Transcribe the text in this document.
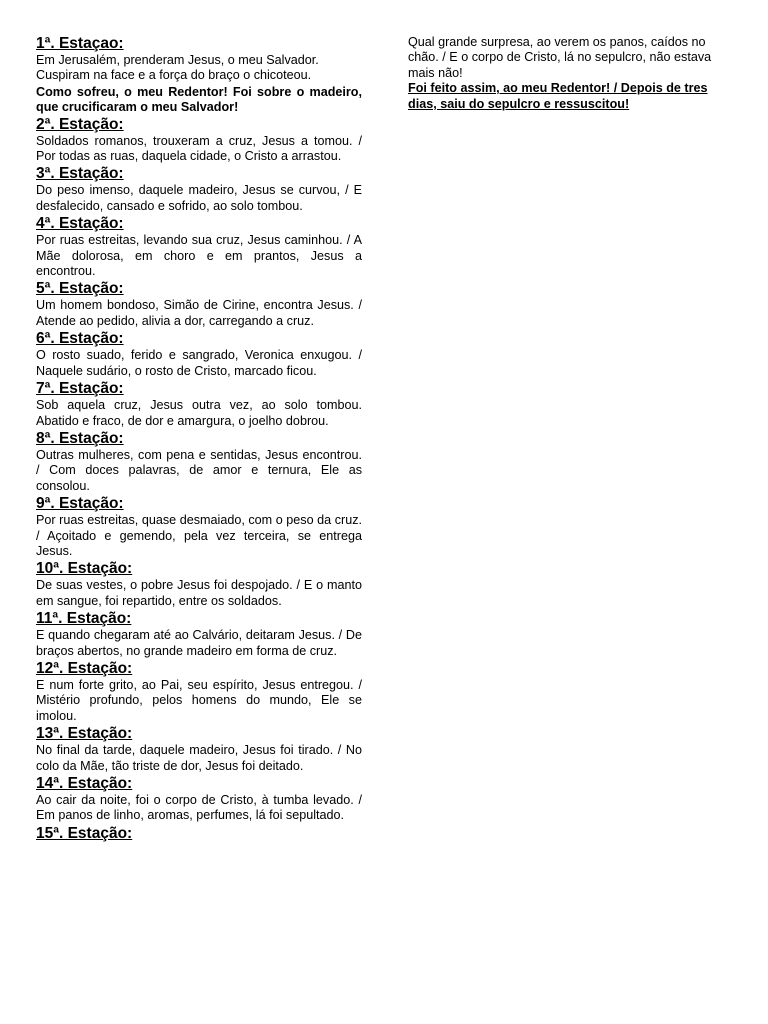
1ª. Estaçao:
Em Jerusalém, prenderam Jesus, o meu Salvador. Cuspiram na face e a força do braço o chicoteou.
Como sofreu, o meu Redentor! Foi sobre o madeiro, que crucificaram o meu Salvador!
2ª. Estação:
Soldados romanos, trouxeram a cruz, Jesus a tomou. / Por todas as ruas, daquela cidade, o Cristo a arrastou.
3ª. Estação:
Do peso imenso, daquele madeiro, Jesus se curvou, / E desfalecido, cansado e sofrido, ao solo tombou.
4ª. Estação:
Por ruas estreitas, levando sua cruz, Jesus caminhou. / A Mãe dolorosa, em choro e em prantos, Jesus a encontrou.
5ª. Estação:
Um homem bondoso, Simão de Cirine, encontra Jesus. / Atende ao pedido, alivia a dor, carregando a cruz.
6ª. Estação:
O rosto suado, ferido e sangrado, Veronica enxugou. / Naquele sudário, o rosto de Cristo, marcado ficou.
7ª. Estação:
Sob aquela cruz, Jesus outra vez, ao solo tombou. Abatido e fraco, de dor e amargura, o joelho dobrou.
8ª. Estação:
Outras mulheres, com pena e sentidas, Jesus encontrou. / Com doces palavras, de amor e ternura, Ele as consolou.
9ª. Estação:
Por ruas estreitas, quase desmaiado, com o peso da cruz. / Açoitado e gemendo, pela vez terceira, se entrega Jesus.
10ª. Estação:
De suas vestes, o pobre Jesus foi despojado. / E o manto em sangue, foi repartido, entre os soldados.
11ª. Estação:
E quando chegaram até ao Calvário, deitaram Jesus. / De braços abertos, no grande madeiro em forma de cruz.
12ª. Estação:
E num forte grito, ao Pai, seu espírito, Jesus entregou. / Mistério profundo, pelos homens do mundo, Ele se imolou.
13ª. Estação:
No final da tarde, daquele madeiro, Jesus foi tirado. / No colo da Mãe, tão triste de dor, Jesus foi deitado.
14ª. Estação:
Ao cair da noite, foi o corpo de Cristo, à tumba levado. / Em panos de linho, aromas, perfumes, lá foi sepultado.
15ª. Estação:
Qual grande surpresa, ao verem os panos, caídos no chão. / E o corpo de Cristo, lá no sepulcro, não estava mais não!
Foi feito assim, ao meu Redentor! / Depois de tres dias, saiu do sepulcro e ressuscitou!
